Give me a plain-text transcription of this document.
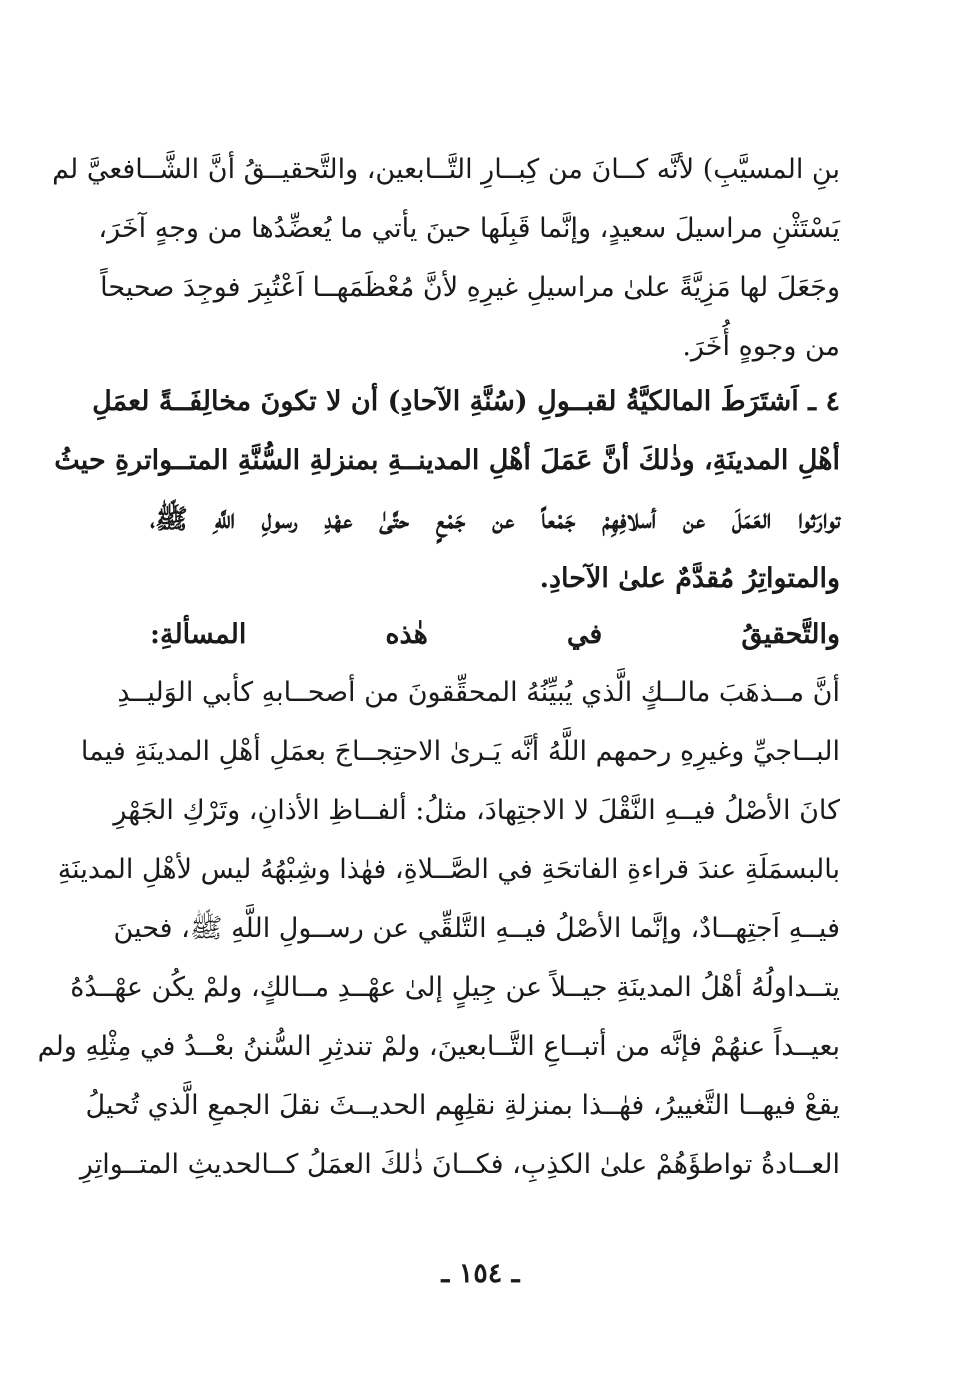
بنِ المسيَّبِ) لأنَّه كــانَ من كِبــارِ التَّــابعين، والتَّحقيــقُ أنَّ الشَّــافعيَّ لم
يَسْتَثْنِ مراسيلَ سعيدٍ، وإنَّما قَبِلَها حينَ يأتي ما يُعضِّدُها من وجهٍ آخَرَ،
وجَعَلَ لها مَزِيَّةً علىٰ مراسيلِ غيرِهِ لأنَّ مُعْظَمَهــا اَعْتُبِرَ فوجِدَ صحيحاً
من وجوهٍ أُخَرَ.
٤ ـ اَشتَرَطَ المالكيَّةُ لقبــولِ (سُنَّةِ الآحادِ) أن لا تكونَ مخالِفَــةً لعمَلِ
أهْلِ المدينَةِ، وذٰلكَ أنَّ عَمَلَ أهْلِ المدينــةِ بمنزلةِ السُّنَّةِ المتــواترةِ حيثُ
توارَثوا العَمَلَ عن أسلافِهِمْ جَمْعاً عن جَمْعٍ حتَّىٰ عهْدِ رسولِ اللَّهِ ﷺ،
والمتواتِرُ مُقدَّمٌ علىٰ الآحادِ.
والتَّحقيقُ في هٰذه المسألةِ:
أنَّ مــذهَبَ مالــكٍ الَّذي يُبيِّنُهُ المحقِّقونَ من أصحــابهِ كأبي الوَليــدِ
البــاجيِّ وغيرِهِ رحمهم اللَّهُ أنَّه يَـرىٰ الاحتِجــاجَ بعمَلِ أهْلِ المدينَةِ فيما
كانَ الأصْلُ فيــهِ النَّقْلَ لا الاجتِهادَ، مثلُ: ألفــاظِ الأذانِ، وتَرْكِ الجَهْرِ
بالبسمَلَةِ عندَ قراءةِ الفاتحَةِ في الصَّــلاةِ، فهٰذا وشِبْهُهُ ليس لأهْلِ المدينَةِ
فيــهِ اَجتِهــادٌ، وإنَّما الأصْلُ فيــهِ التَّلقِّي عن رســولِ اللَّهِ ﷺ، فحينَ
يتــداولُهُ أهْلُ المدينَةِ جيــلاً عن جِيلٍ إلىٰ عهْــدِ مــالكٍ، ولمْ يكُن عهْــدُهُ
بعيــداً عنهُمْ فإنَّه من أتبــاعِ التَّــابعينَ، ولمْ تندثِرِ السُّننُ بعْــدُ في مِثْلِهِ ولم
يقعْ فيهــا التَّغييرُ، فهٰــذا بمنزلةِ نقلِهِم الحديــثَ نقلَ الجمعِ الَّذي تُحيلُ
العــادةُ تواطؤَهُمْ علىٰ الكذِبِ، فكــانَ ذٰلكَ العمَلُ كــالحديثِ المتــواتِرِ
ـ ١٥٤ ـ
